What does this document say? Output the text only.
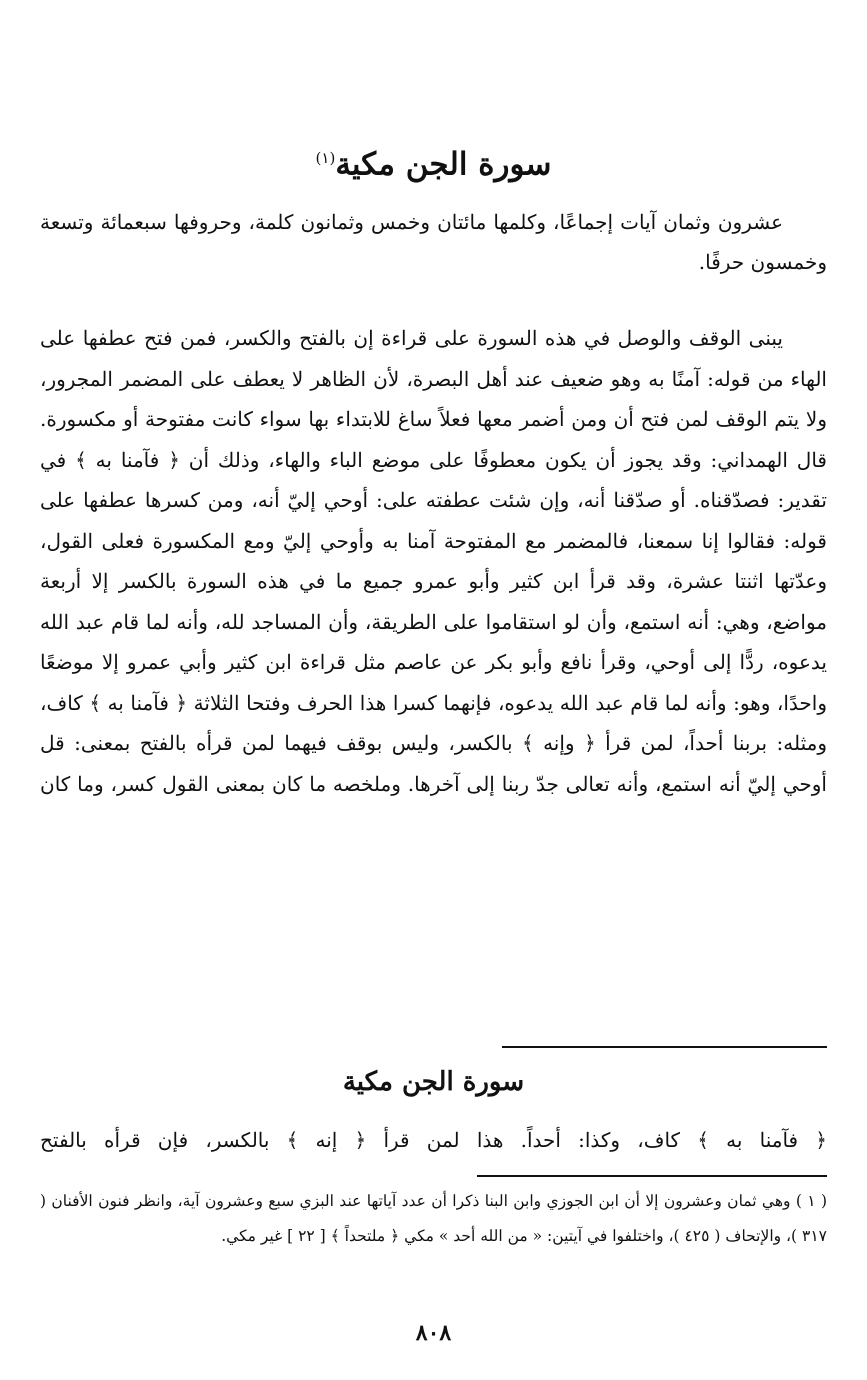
سورة الجن مكية$^{(١)}$

عشرون وثمان آيات إجماعًا، وكلمها مائتان وخمس وثمانون كلمة، وحروفها سبعمائة وتسعة وخمسون حرفًا.

يبنى الوقف والوصل في هذه السورة على قراءة إن بالفتح والكسر، فمن فتح عطفها على الهاء من قوله: آمنًا به وهو ضعيف عند أهل البصرة، لأن الظاهر لا يعطف على المضمر المجرور، ولا يتم الوقف لمن فتح أن ومن أضمر معها فعلاً ساغ للابتداء بها سواء كانت مفتوحة أو مكسورة. قال الهمداني: وقد يجوز أن يكون معطوفًا على موضع الباء والهاء، وذلك أن ﴿ فآمنا به ﴾ في تقدير: فصدّقناه. أو صدّقنا أنه، وإن شئت عطفته على: أوحي إليّ أنه، ومن كسرها عطفها على قوله: فقالوا إنا سمعنا، فالمضمر مع المفتوحة آمنا به وأوحي إليّ ومع المكسورة فعلى القول، وعدّتها اثنتا عشرة، وقد قرأ ابن كثير وأبو عمرو جميع ما في هذه السورة بالكسر إلا أربعة مواضع، وهي: أنه استمع، وأن لو استقاموا على الطريقة، وأن المساجد لله، وأنه لما قام عبد الله يدعوه، ردًّا إلى أوحي، وقرأ نافع وأبو بكر عن عاصم مثل قراءة ابن كثير وأبي عمرو إلا موضعًا واحدًا، وهو: وأنه لما قام عبد الله يدعوه، فإنهما كسرا هذا الحرف وفتحا الثلاثة ﴿ فآمنا به ﴾ كاف، ومثله: بربنا أحداً، لمن قرأ ﴿ وإنه ﴾ بالكسر، وليس بوقف فيهما لمن قرأه بالفتح بمعنى: قل أوحي إليّ أنه استمع، وأنه تعالى جدّ ربنا إلى آخرها. وملخصه ما كان بمعنى القول كسر، وما كان

سورة الجن مكية

﴿ فآمنا به ﴾ كاف، وكذا: أحداً. هذا لمن قرأ ﴿ إنه ﴾ بالكسر، فإن قرأه بالفتح

( ١ ) وهي ثمان وعشرون إلا أن ابن الجوزي وابن البنا ذكرا أن عدد آياتها عند البزي سبع وعشرون آية، وانظر فنون الأفنان ( ٣١٧ )، والإتحاف ( ٤٢٥ )، واختلفوا في آيتين: « من الله أحد » مكي ﴿ ملتحداً ﴾ [ ٢٢ ] غير مكي.

٨٠٨
